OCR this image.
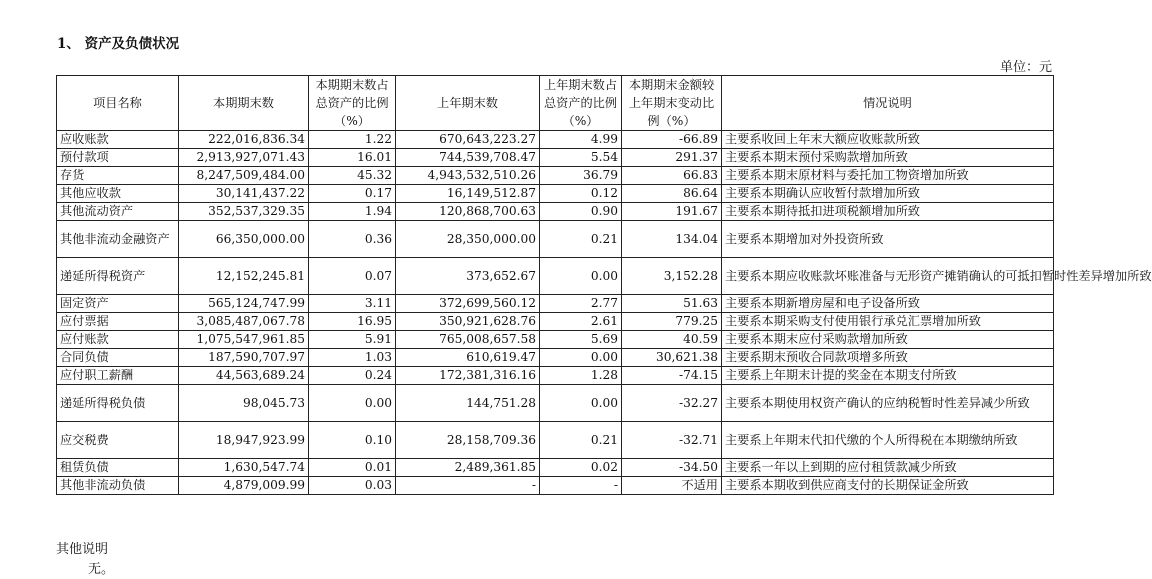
1、 资产及负债状况
单位：元
项目名称	本期期末数	本期期末数占总资产的比例（%）	上年期末数	上年期末数占总资产的比例（%）	本期期末金额较上年期末变动比例（%）	情况说明
应收账款	222,016,836.34	1.22	670,643,223.27	4.99	-66.89	主要系收回上年末大额应收账款所致
预付款项	2,913,927,071.43	16.01	744,539,708.47	5.54	291.37	主要系本期末预付采购款增加所致
存货	8,247,509,484.00	45.32	4,943,532,510.26	36.79	66.83	主要系本期末原材料与委托加工物资增加所致
其他应收款	30,141,437.22	0.17	16,149,512.87	0.12	86.64	主要系本期确认应收暂付款增加所致
其他流动资产	352,537,329.35	1.94	120,868,700.63	0.90	191.67	主要系本期待抵扣进项税额增加所致
其他非流动金融资产	66,350,000.00	0.36	28,350,000.00	0.21	134.04	主要系本期增加对外投资所致
递延所得税资产	12,152,245.81	0.07	373,652.67	0.00	3,152.28	主要系本期应收账款坏账准备与无形资产摊销确认的可抵扣暂时性差异增加所致
固定资产	565,124,747.99	3.11	372,699,560.12	2.77	51.63	主要系本期新增房屋和电子设备所致
应付票据	3,085,487,067.78	16.95	350,921,628.76	2.61	779.25	主要系本期采购支付使用银行承兑汇票增加所致
应付账款	1,075,547,961.85	5.91	765,008,657.58	5.69	40.59	主要系本期末应付采购款增加所致
合同负债	187,590,707.97	1.03	610,619.47	0.00	30,621.38	主要系期末预收合同款项增多所致
应付职工薪酬	44,563,689.24	0.24	172,381,316.16	1.28	-74.15	主要系上年期末计提的奖金在本期支付所致
递延所得税负债	98,045.73	0.00	144,751.28	0.00	-32.27	主要系本期使用权资产确认的应纳税暂时性差异减少所致
应交税费	18,947,923.99	0.10	28,158,709.36	0.21	-32.71	主要系上年期末代扣代缴的个人所得税在本期缴纳所致
租赁负债	1,630,547.74	0.01	2,489,361.85	0.02	-34.50	主要系一年以上到期的应付租赁款减少所致
其他非流动负债	4,879,009.99	0.03	-	-	不适用	主要系本期收到供应商支付的长期保证金所致
其他说明
无。
